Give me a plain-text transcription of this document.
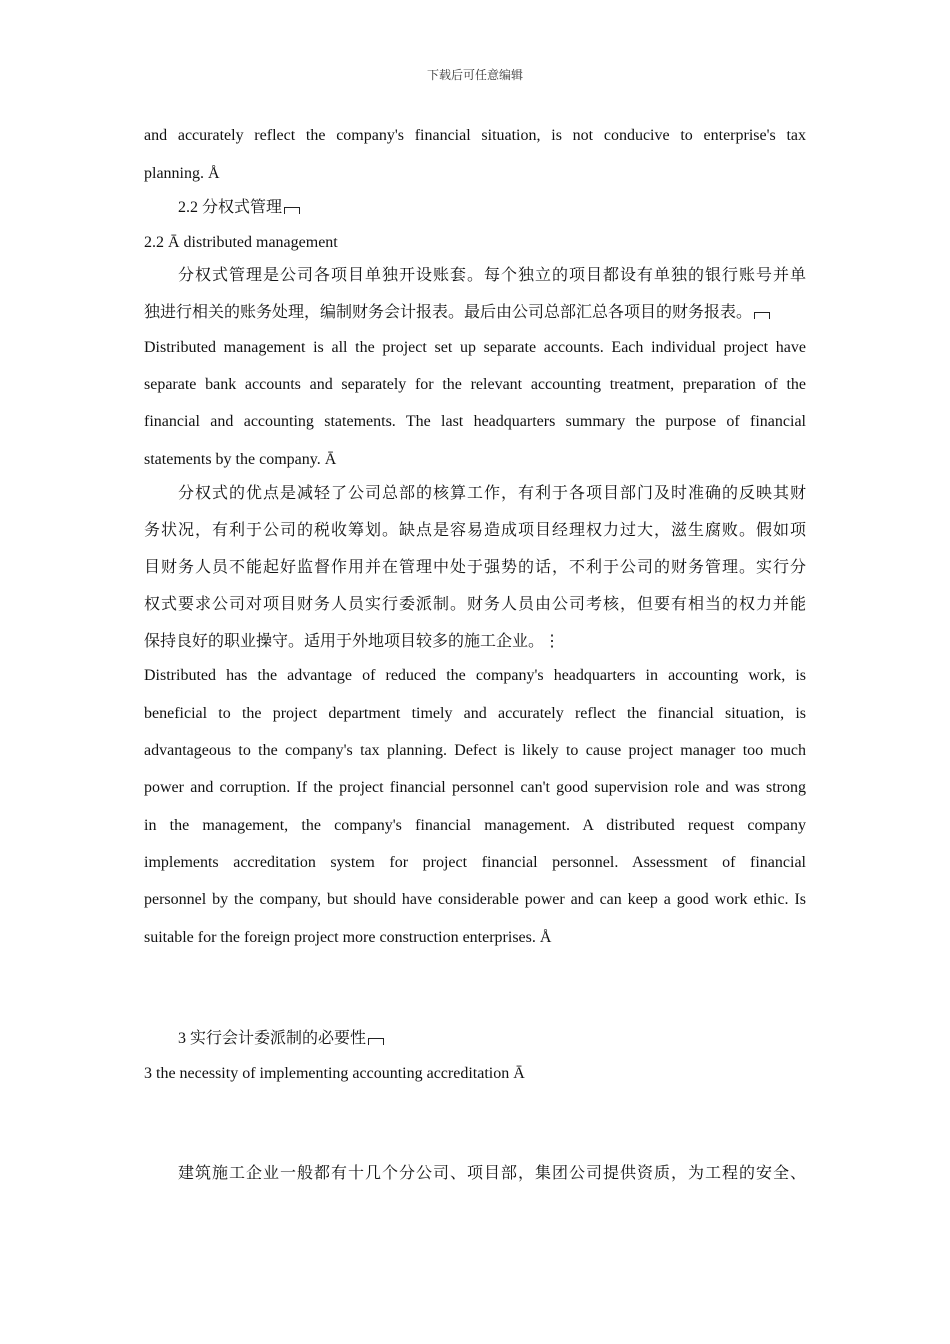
下载后可任意编辑
and accurately reflect the company's financial situation, is not conducive to enterprise's tax
planning. Å
2.2 分权式管理
2.2 Ā distributed management
分权式管理是公司各项目单独开设账套。每个独立的项目都设有单独的银行账号并单
独进行相关的账务处理，编制财务会计报表。最后由公司总部汇总各项目的财务报表。
Distributed management is all the project set up separate accounts. Each individual project have
separate bank accounts and separately for the relevant accounting treatment, preparation of the
financial and accounting statements. The last headquarters summary the purpose of financial
statements by the company. Ā
分权式的优点是减轻了公司总部的核算工作，有利于各项目部门及时准确的反映其财
务状况，有利于公司的税收筹划。缺点是容易造成项目经理权力过大，滋生腐败。假如项
目财务人员不能起好监督作用并在管理中处于强势的话，不利于公司的财务管理。实行分
权式要求公司对项目财务人员实行委派制。财务人员由公司考核，但要有相当的权力并能
保持良好的职业操守。适用于外地项目较多的施工企业。⋮
Distributed has the advantage of reduced the company's headquarters in accounting work, is
beneficial to the project department timely and accurately reflect the financial situation, is
advantageous to the company's tax planning. Defect is likely to cause project manager too much
power and corruption. If the project financial personnel can't good supervision role and was strong
in the management, the company's financial management. A distributed request company
implements accreditation system for project financial personnel. Assessment of financial
personnel by the company, but should have considerable power and can keep a good work ethic. Is
suitable for the foreign project more construction enterprises. Å
3 实行会计委派制的必要性
3 the necessity of implementing accounting accreditation Ā
建筑施工企业一般都有十几个分公司、项目部，集团公司提供资质，为工程的安全、
